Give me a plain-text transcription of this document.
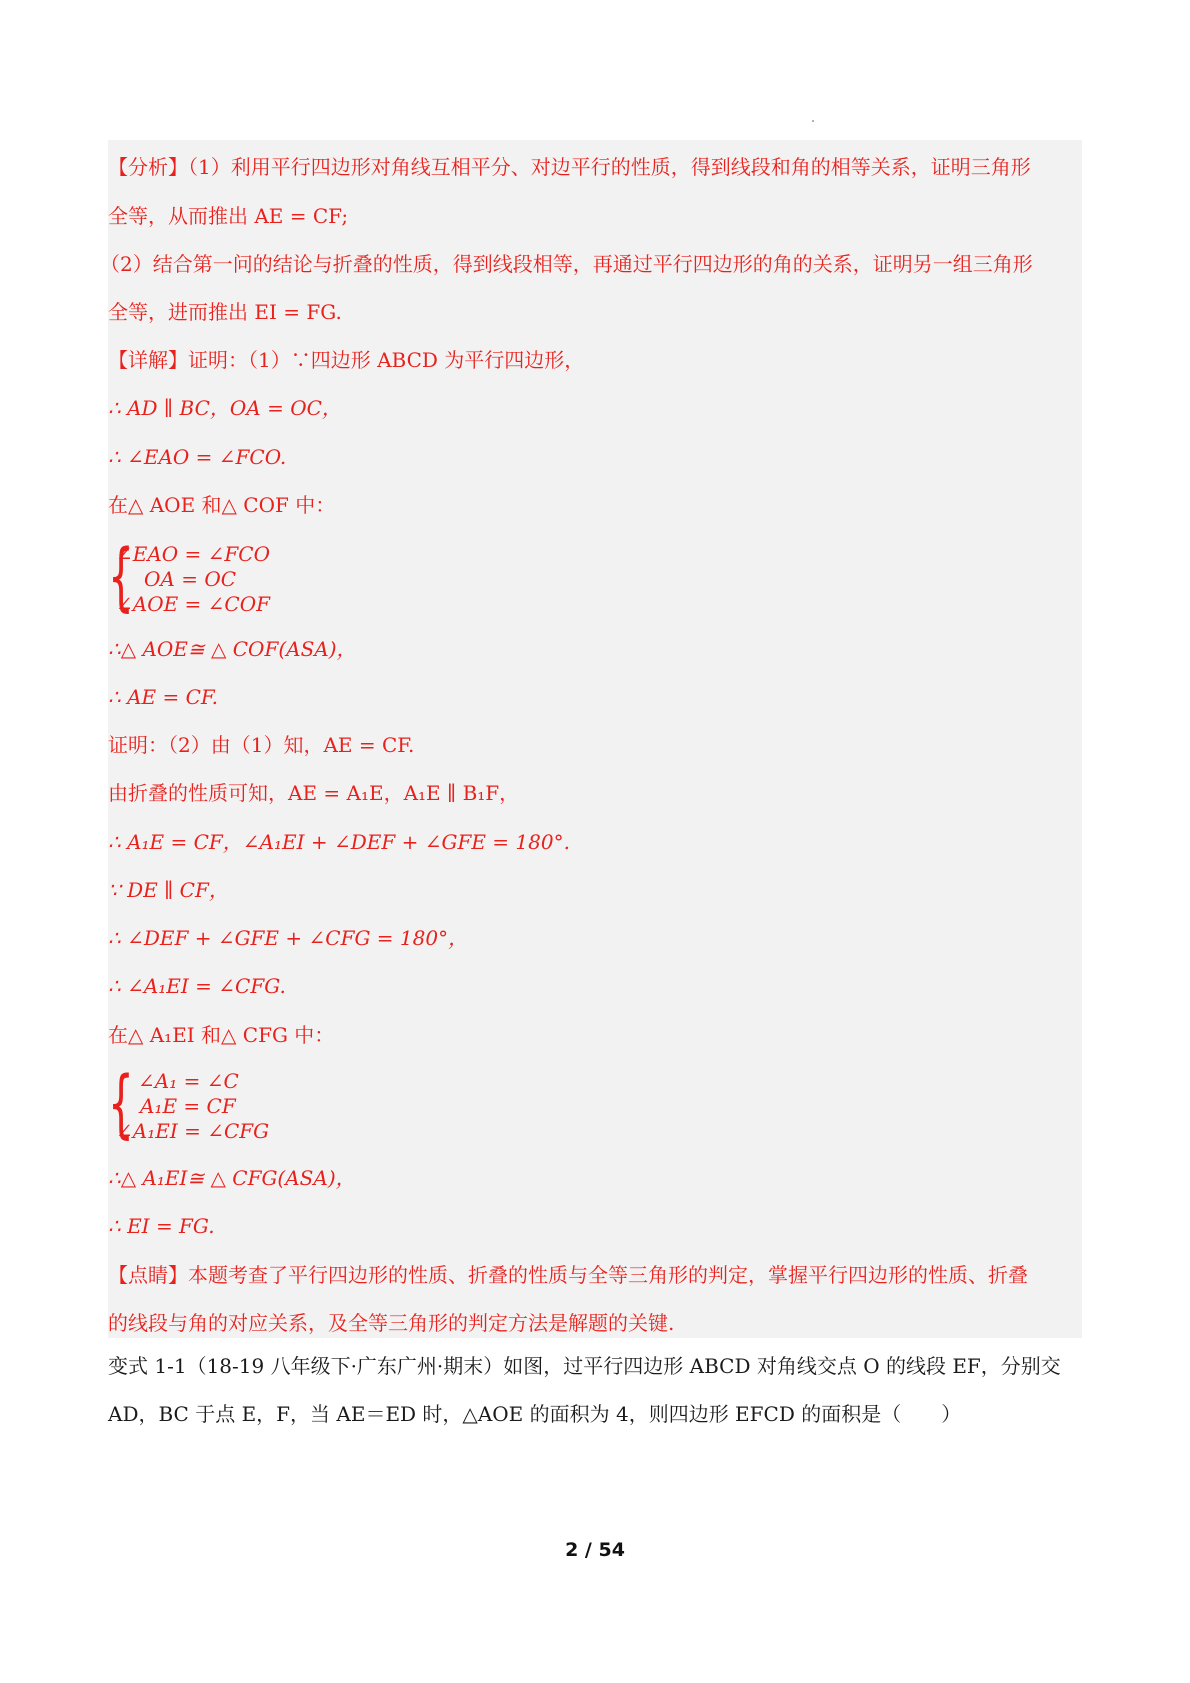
【分析】（1）利用平行四边形对角线互相平分、对边平行的性质，得到线段和角的相等关系，证明三角形
全等，从而推出 AE = CF;
（2）结合第一问的结论与折叠的性质，得到线段相等，再通过平行四边形的角的关系，证明另一组三角形
全等，进而推出 EI = FG.
【详解】证明：（1）∵四边形 ABCD 为平行四边形，
∴ AD ∥ BC，OA = OC，
∴ ∠EAO = ∠FCO.
在△ AOE 和△ COF 中：
{
∠EAO = ∠FCO
OA = OC
∠AOE = ∠COF
∴△ AOE≅ △ COF(ASA)，
∴ AE = CF.
证明：（2）由（1）知，AE = CF.
由折叠的性质可知，AE = A₁E，A₁E ∥ B₁F，
∴ A₁E = CF，∠A₁EI + ∠DEF + ∠GFE = 180°.
∵ DE ∥ CF，
∴ ∠DEF + ∠GFE + ∠CFG = 180°，
∴ ∠A₁EI = ∠CFG.
在△ A₁EI 和△ CFG 中：
{ ∠A₁ = ∠C
A₁E = CF
∠A₁EI = ∠CFG
∴△ A₁EI≅ △ CFG(ASA)，
∴ EI = FG.
【点睛】本题考查了平行四边形的性质、折叠的性质与全等三角形的判定，掌握平行四边形的性质、折叠
的线段与角的对应关系，及全等三角形的判定方法是解题的关键.
变式 1-1（18-19 八年级下·广东广州·期末）如图，过平行四边形 ABCD 对角线交点 O 的线段 EF，分别交
AD，BC 于点 E，F，当 AE＝ED 时，△AOE 的面积为 4，则四边形 EFCD 的面积是（　　）
2 / 54
